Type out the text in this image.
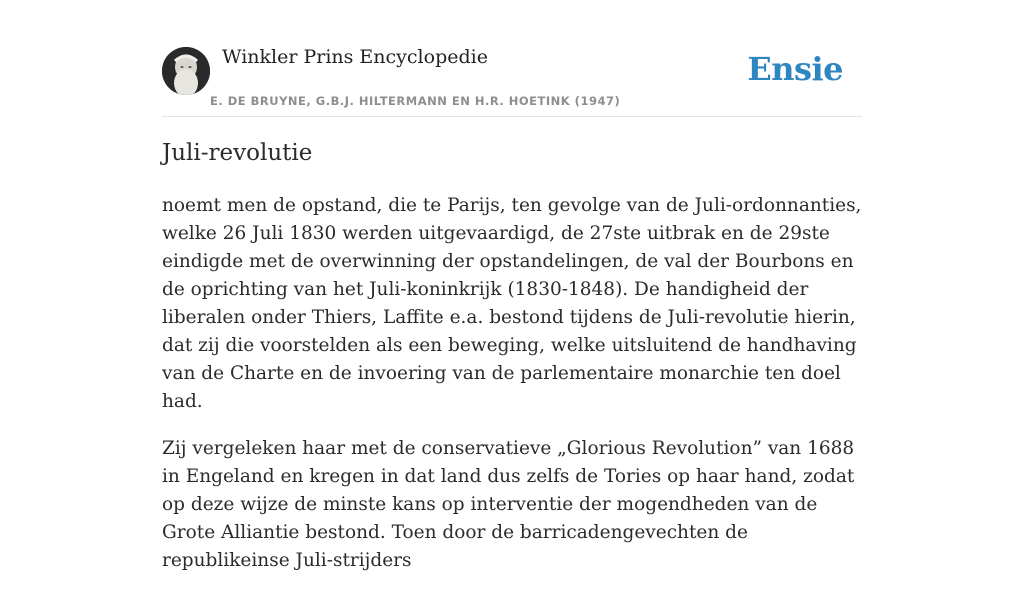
Winkler Prins Encyclopedie
E. DE BRUYNE, G.B.J. HILTERMANN EN H.R. HOETINK (1947)
Ensie
Juli-revolutie

noemt men de opstand, die te Parijs, ten gevolge van de Juli-ordonnanties, welke 26 Juli 1830 werden uitgevaardigd, de 27ste uitbrak en de 29ste eindigde met de overwinning der opstandelingen, de val der Bourbons en de oprichting van het Juli-koninkrijk (1830-1848). De handigheid der liberalen onder Thiers, Laffite e.a. bestond tijdens de Juli-revolutie hierin, dat zij die voorstelden als een beweging, welke uitsluitend de handhaving van de Charte en de invoering van de parlementaire monarchie ten doel had.

Zij vergeleken haar met de conservatieve „Glorious Revolution” van 1688 in Engeland en kregen in dat land dus zelfs de Tories op haar hand, zodat op deze wijze de minste kans op interventie der mogendheden van de Grote Alliantie bestond. Toen door de barricadengevechten de republikeinse Juli-strijders
